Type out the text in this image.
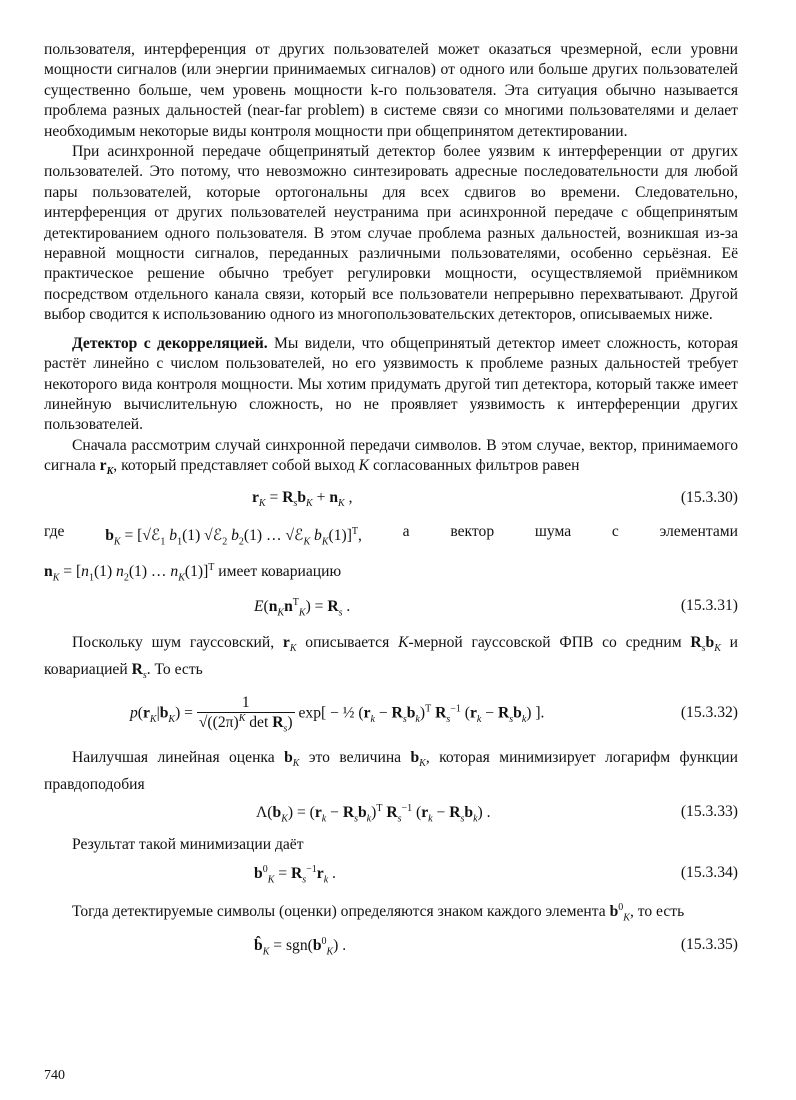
пользователя, интерференция от других пользователей может оказаться чрезмерной, если уровни мощности сигналов (или энергии принимаемых сигналов) от одного или больше других пользователей существенно больше, чем уровень мощности k-го пользователя. Эта ситуация обычно называется проблема разных дальностей (near-far problem) в системе связи со многими пользователями и делает необходимым некоторые виды контроля мощности при общепринятом детектировании.

При асинхронной передаче общепринятый детектор более уязвим к интерференции от других пользователей. Это потому, что невозможно синтезировать адресные последовательности для любой пары пользователей, которые ортогональны для всех сдвигов во времени. Следовательно, интерференция от других пользователей неустранима при асинхронной передаче с общепринятым детектированием одного пользователя. В этом случае проблема разных дальностей, возникшая из-за неравной мощности сигналов, переданных различными пользователями, особенно серьёзная. Её практическое решение обычно требует регулировки мощности, осуществляемой приёмником посредством отдельного канала связи, который все пользователи непрерывно перехватывают. Другой выбор сводится к использованию одного из многопользовательских детекторов, описываемых ниже.

Детектор с декорреляцией. Мы видели, что общепринятый детектор имеет сложность, которая растёт линейно с числом пользователей, но его уязвимость к проблеме разных дальностей требует некоторого вида контроля мощности. Мы хотим придумать другой тип детектора, который также имеет линейную вычислительную сложность, но не проявляет уязвимость к интерференции других пользователей.

Сначала рассмотрим случай синхронной передачи символов. В этом случае, вектор, принимаемого сигнала $r_K$, который представляет собой выход K согласованных фильтров равен

$r_K = R_sb_K + n_K$ ,	(15.3.30)
где	$b_K$ = [√ℰ$_1$ $b_1(1)$ √ℰ$_2$ $b_2(1)$ … √ℰ$_K$ $b_K(1)]^T$,	а	вектор	шума	с	элементами

$n_K = [n_1(1)$ $n_2(1)$ … $n_K(1)]^T$ имеет ковариацию

$E(n_Kn^T_K) = R_s$ .	(15.3.31)

Поскольку шум гауссовский, $r_K$ описывается K-мерной гауссовской ФПВ со средним $R_sb_K$ и ковариацией $R_s$. То есть

$p(r_K|b_K) = \frac{1}{√((2\pi)^K \det R_s)} \exp$[ − ½ $(r_k - R_sb_k)^T$ $R_s^{-1}$ $(r_k - R_sb_k)$ ].	(15.3.32)

Наилучшая линейная оценка $b_K$ это величина $b_K$, которая минимизирует логарифм функции правдоподобия

$\Lambda(b_K) = (r_k - R_sb_k)^T$ $R_s^{-1}$ $(r_k - R_sb_k)$ .	(15.3.33)

Результат такой минимизации даёт

$b^0_K = R_s^{-1}r_k$ .	(15.3.34)

Тогда детектируемые символы (оценки) определяются знаком каждого элемента $b^0_K$, то есть

$b̂_K = sgn(b^0_K)$ .	(15.3.35)
740
